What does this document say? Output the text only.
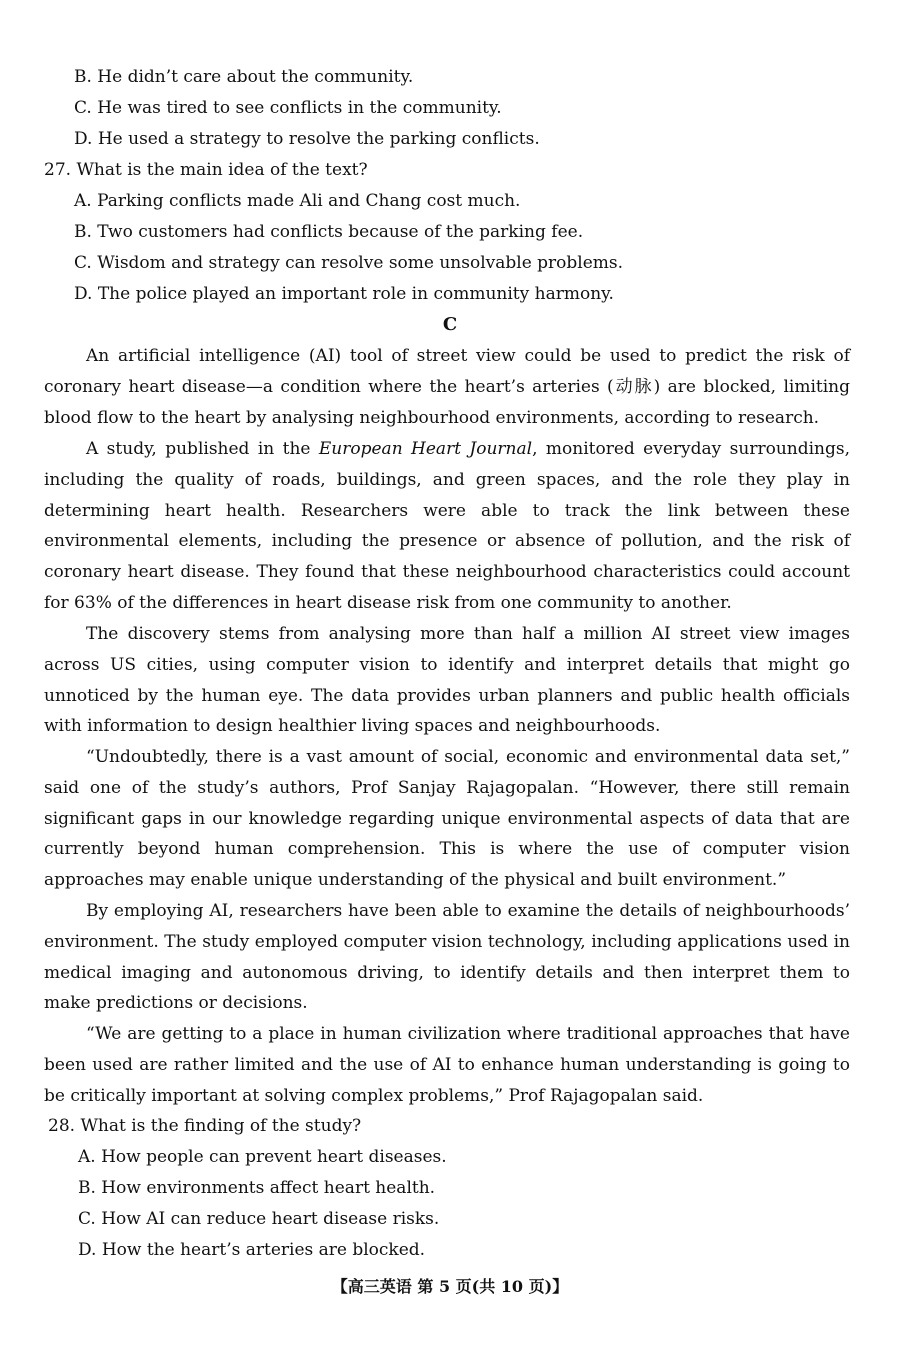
B. He didn’t care about the community.
C. He was tired to see conflicts in the community.
D. He used a strategy to resolve the parking conflicts.
27. What is the main idea of the text?
A. Parking conflicts made Ali and Chang cost much.
B. Two customers had conflicts because of the parking fee.
C. Wisdom and strategy can resolve some unsolvable problems.
D. The police played an important role in community harmony.
C

An artificial intelligence (AI) tool of street view could be used to predict the risk of coronary heart disease—a condition where the heart’s arteries (动脉) are blocked, limiting blood flow to the heart by analysing neighbourhood environments, according to research.

A study, published in the European Heart Journal, monitored everyday surroundings, including the quality of roads, buildings, and green spaces, and the role they play in determining heart health. Researchers were able to track the link between these environmental elements, including the presence or absence of pollution, and the risk of coronary heart disease. They found that these neighbourhood characteristics could account for 63% of the differences in heart disease risk from one community to another.

The discovery stems from analysing more than half a million AI street view images across US cities, using computer vision to identify and interpret details that might go unnoticed by the human eye. The data provides urban planners and public health officials with information to design healthier living spaces and neighbourhoods.

“Undoubtedly, there is a vast amount of social, economic and environmental data set,” said one of the study’s authors, Prof Sanjay Rajagopalan. “However, there still remain significant gaps in our knowledge regarding unique environmental aspects of data that are currently beyond human comprehension. This is where the use of computer vision approaches may enable unique understanding of the physical and built environment.”

By employing AI, researchers have been able to examine the details of neighbourhoods’ environment. The study employed computer vision technology, including applications used in medical imaging and autonomous driving, to identify details and then interpret them to make predictions or decisions.

“We are getting to a place in human civilization where traditional approaches that have been used are rather limited and the use of AI to enhance human understanding is going to be critically important at solving complex problems,” Prof Rajagopalan said.

28. What is the finding of the study?
A. How people can prevent heart diseases.
B. How environments affect heart health.
C. How AI can reduce heart disease risks.
D. How the heart’s arteries are blocked.
【高三英语 第 5 页(共 10 页)】
